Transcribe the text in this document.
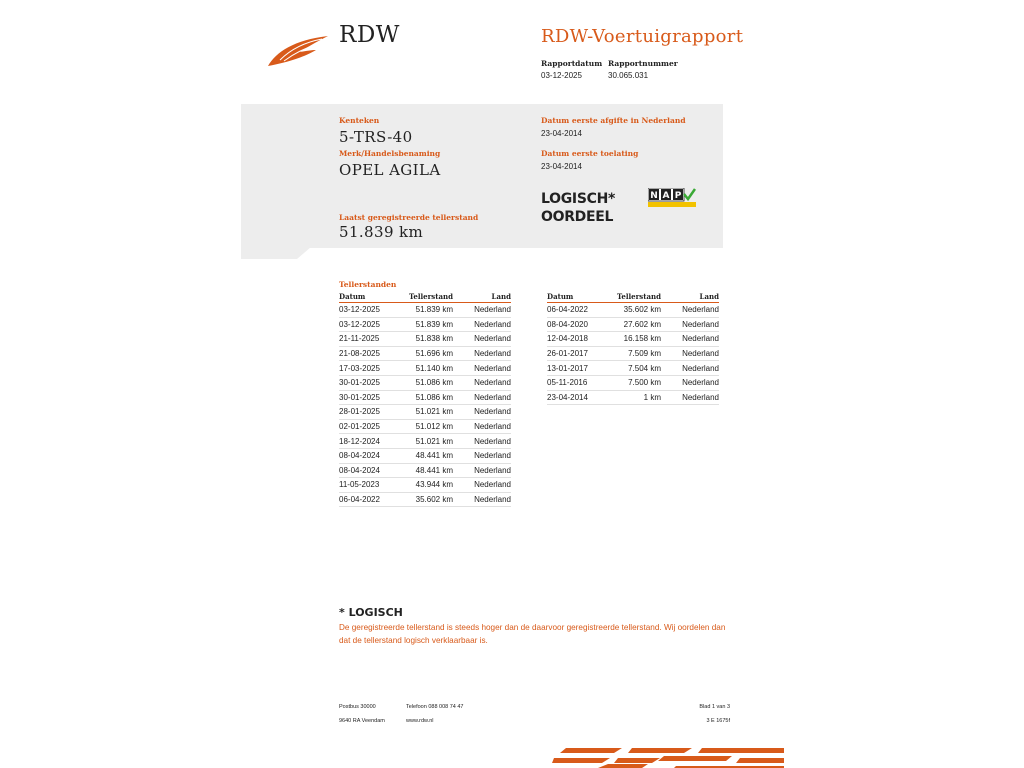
RDW	RDW-Voertuigrapport
Rapportdatum
03-12-2025
Rapportnummer
30.065.031
Kenteken
5-TRS-40
Merk/Handelsbenaming
OPEL AGILA
Laatst geregistreerde tellerstand
51.839 km
Datum eerste afgifte in Nederland
23-04-2014
Datum eerste toelating
23-04-2014
LOGISCH*
OORDEEL
N A P
Tellerstanden
Datum	Tellerstand	Land
03-12-2025	51.839 km	Nederland
03-12-2025	51.839 km	Nederland
21-11-2025	51.838 km	Nederland
21-08-2025	51.696 km	Nederland
17-03-2025	51.140 km	Nederland
30-01-2025	51.086 km	Nederland
30-01-2025	51.086 km	Nederland
28-01-2025	51.021 km	Nederland
02-01-2025	51.012 km	Nederland
18-12-2024	51.021 km	Nederland
08-04-2024	48.441 km	Nederland
08-04-2024	48.441 km	Nederland
11-05-2023	43.944 km	Nederland
06-04-2022	35.602 km	Nederland
Datum	Tellerstand	Land
06-04-2022	35.602 km	Nederland
08-04-2020	27.602 km	Nederland
12-04-2018	16.158 km	Nederland
26-01-2017	7.509 km	Nederland
13-01-2017	7.504 km	Nederland
05-11-2016	7.500 km	Nederland
23-04-2014	1 km	Nederland
* LOGISCH
De geregistreerde tellerstand is steeds hoger dan de daarvoor geregistreerde tellerstand. Wij oordelen dan dat de tellerstand logisch verklaarbaar is.
Postbus 30000
9640 RA Veendam
Telefoon 088 008 74 47
www.rdw.nl
Blad 1 van 3
3 E 1675f
